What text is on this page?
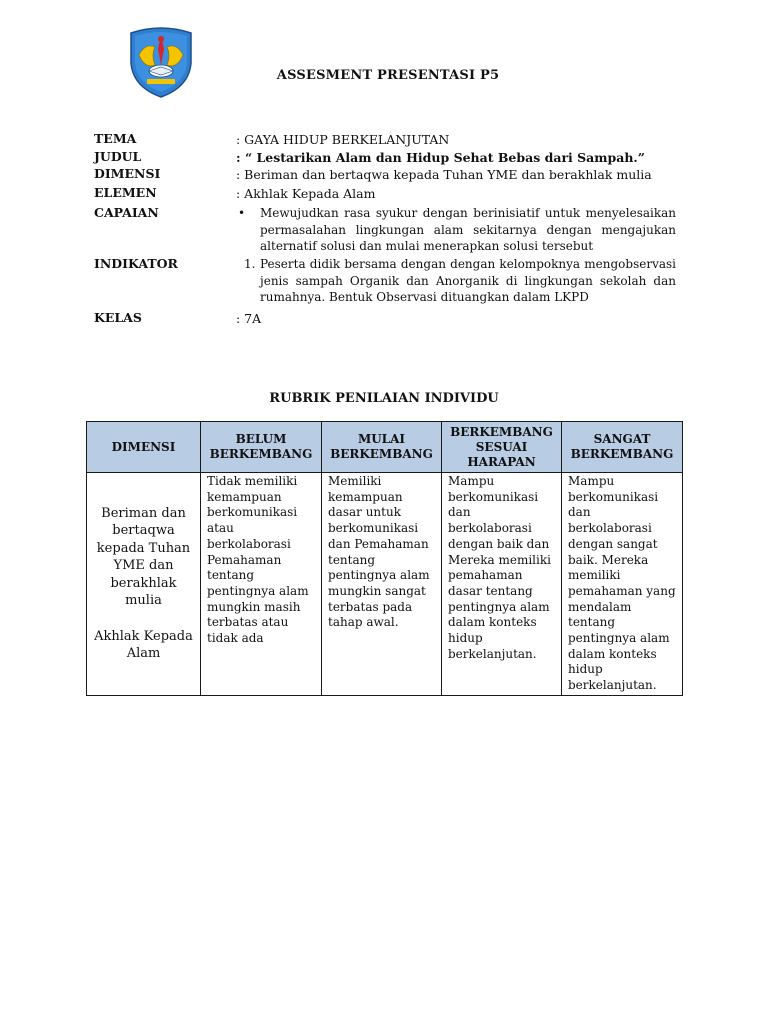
ASSESMENT PRESENTASI P5
TEMA	: GAYA HIDUP BERKELANJUTAN
JUDUL	: “ Lestarikan Alam dan Hidup Sehat Bebas dari Sampah.”
DIMENSI	: Beriman dan bertaqwa kepada Tuhan YME dan berakhlak mulia
ELEMEN	: Akhlak Kepada Alam
CAPAIAN	• Mewujudkan rasa syukur dengan berinisiatif untuk menyelesaikan permasalahan lingkungan alam sekitarnya dengan mengajukan alternatif solusi dan mulai menerapkan solusi tersebut
INDIKATOR	1. Peserta didik bersama dengan dengan kelompoknya mengobservasi jenis sampah Organik dan Anorganik di lingkungan sekolah dan rumahnya. Bentuk Observasi dituangkan dalam LKPD
KELAS	: 7A
RUBRIK PENILAIAN INDIVIDU
DIMENSI	BELUM BERKEMBANG	MULAI BERKEMBANG	BERKEMBANG SESUAI HARAPAN	SANGAT BERKEMBANG

Beriman dan bertaqwa kepada Tuhan YME dan berakhlak mulia
Akhlak Kepada Alam	Tidak memiliki kemampuan berkomunikasi atau berkolaborasi Pemahaman tentang pentingnya alam mungkin masih terbatas atau tidak ada	Memiliki kemampuan dasar untuk berkomunikasi dan Pemahaman tentang pentingnya alam mungkin sangat terbatas pada tahap awal.	Mampu berkomunikasi dan berkolaborasi dengan baik dan Mereka memiliki pemahaman dasar tentang pentingnya alam dalam konteks hidup berkelanjutan.	Mampu berkomunikasi dan berkolaborasi dengan sangat baik. Mereka memiliki pemahaman yang mendalam tentang pentingnya alam dalam konteks hidup berkelanjutan.
